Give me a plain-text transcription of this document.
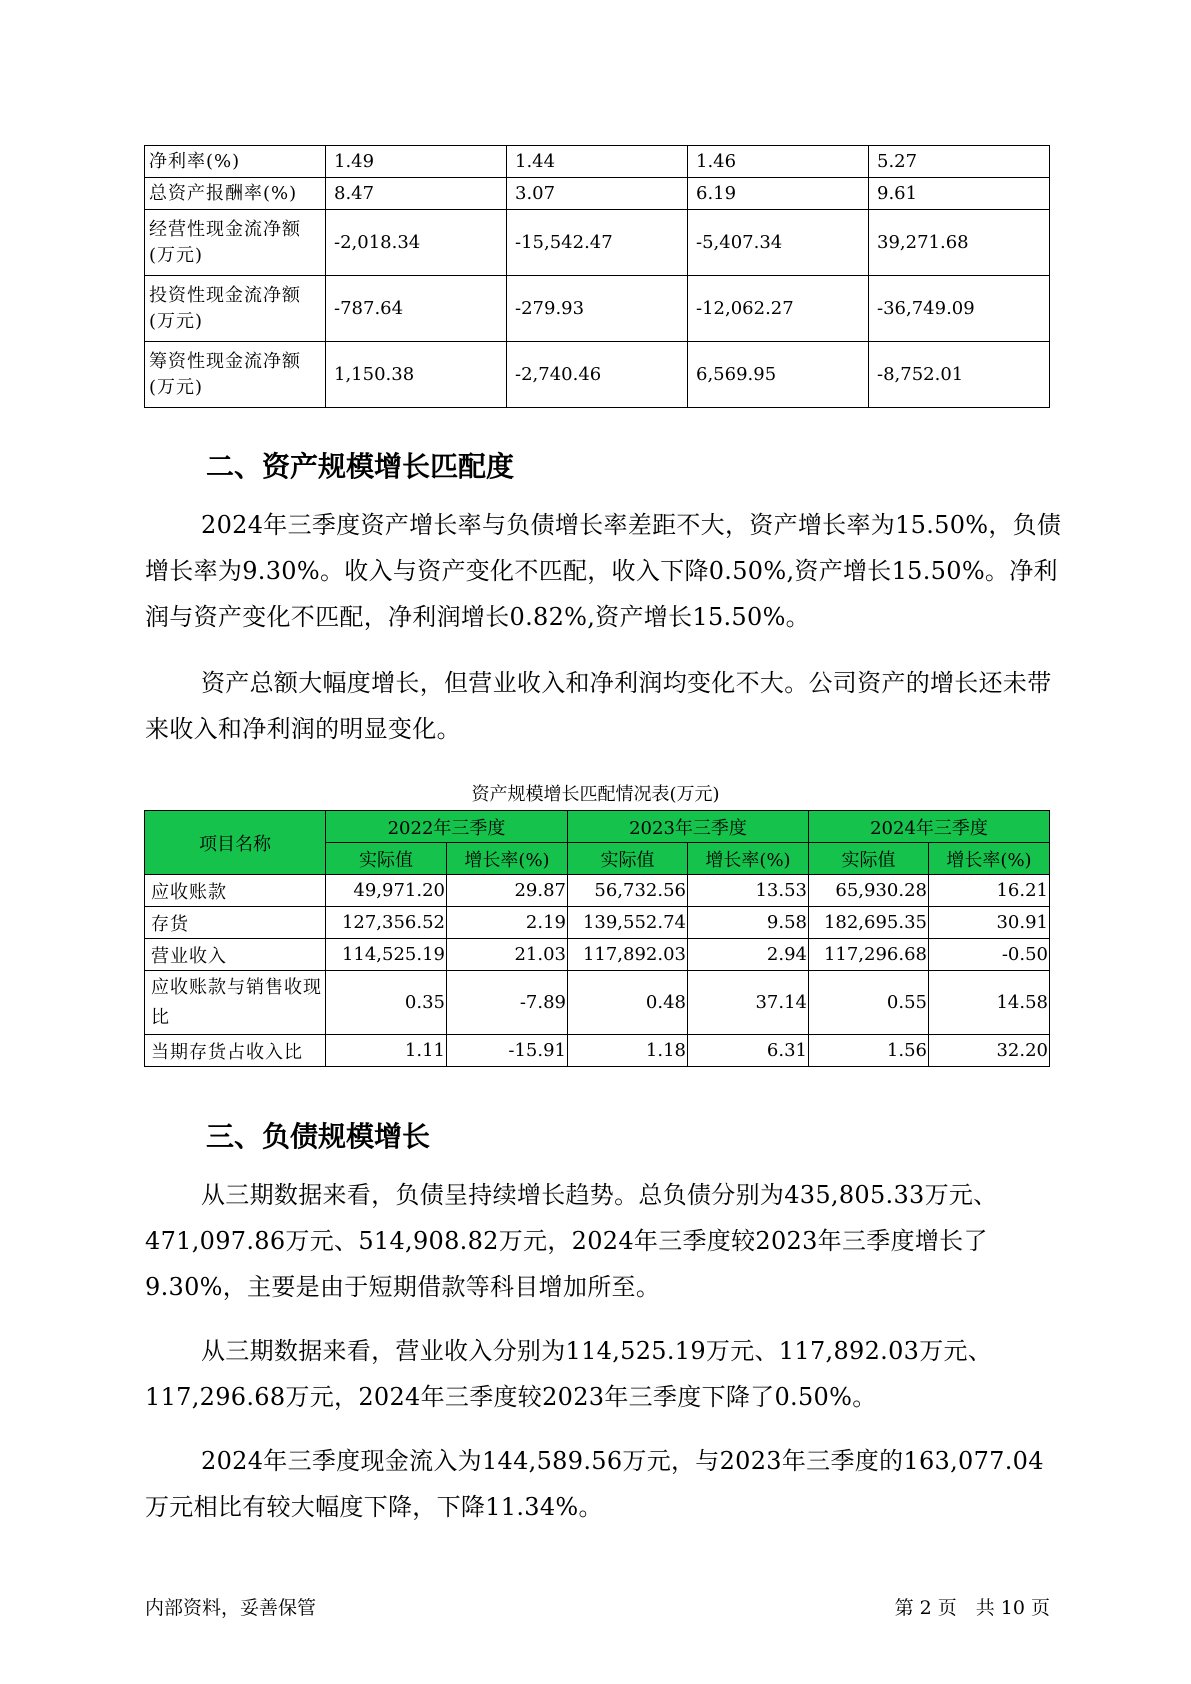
净利率(%)	1.49	1.44	1.46	5.27
总资产报酬率(%)	8.47	3.07	6.19	9.61
经营性现金流净额(万元)	-2,018.34	-15,542.47	-5,407.34	39,271.68
投资性现金流净额(万元)	-787.64	-279.93	-12,062.27	-36,749.09
筹资性现金流净额(万元)	1,150.38	-2,740.46	6,569.95	-8,752.01
二、资产规模增长匹配度

2024年三季度资产增长率与负债增长率差距不大，资产增长率为15.50%，负债增长率为9.30%。收入与资产变化不匹配，收入下降0.50%,资产增长15.50%。净利润与资产变化不匹配，净利润增长0.82%,资产增长15.50%。

资产总额大幅度增长，但营业收入和净利润均变化不大。公司资产的增长还未带来收入和净利润的明显变化。

资产规模增长匹配情况表(万元)

项目名称	2022年三季度		2023年三季度		2024年三季度	
	实际值	增长率(%)	实际值	增长率(%)	实际值	增长率(%)
应收账款	49,971.20	29.87	56,732.56	13.53	65,930.28	16.21
存货	127,356.52	2.19	139,552.74	9.58	182,695.35	30.91
营业收入	114,525.19	21.03	117,892.03	2.94	117,296.68	-0.50
应收账款与销售收现比	0.35	-7.89	0.48	37.14	0.55	14.58
当期存货占收入比	1.11	-15.91	1.18	6.31	1.56	32.20
三、负债规模增长

从三期数据来看，负债呈持续增长趋势。总负债分别为435,805.33万元、471,097.86万元、514,908.82万元，2024年三季度较2023年三季度增长了9.30%，主要是由于短期借款等科目增加所至。

从三期数据来看，营业收入分别为114,525.19万元、117,892.03万元、117,296.68万元，2024年三季度较2023年三季度下降了0.50%。

2024年三季度现金流入为144,589.56万元，与2023年三季度的163,077.04万元相比有较大幅度下降，下降11.34%。

内部资料，妥善保管	第 2 页　共 10 页
